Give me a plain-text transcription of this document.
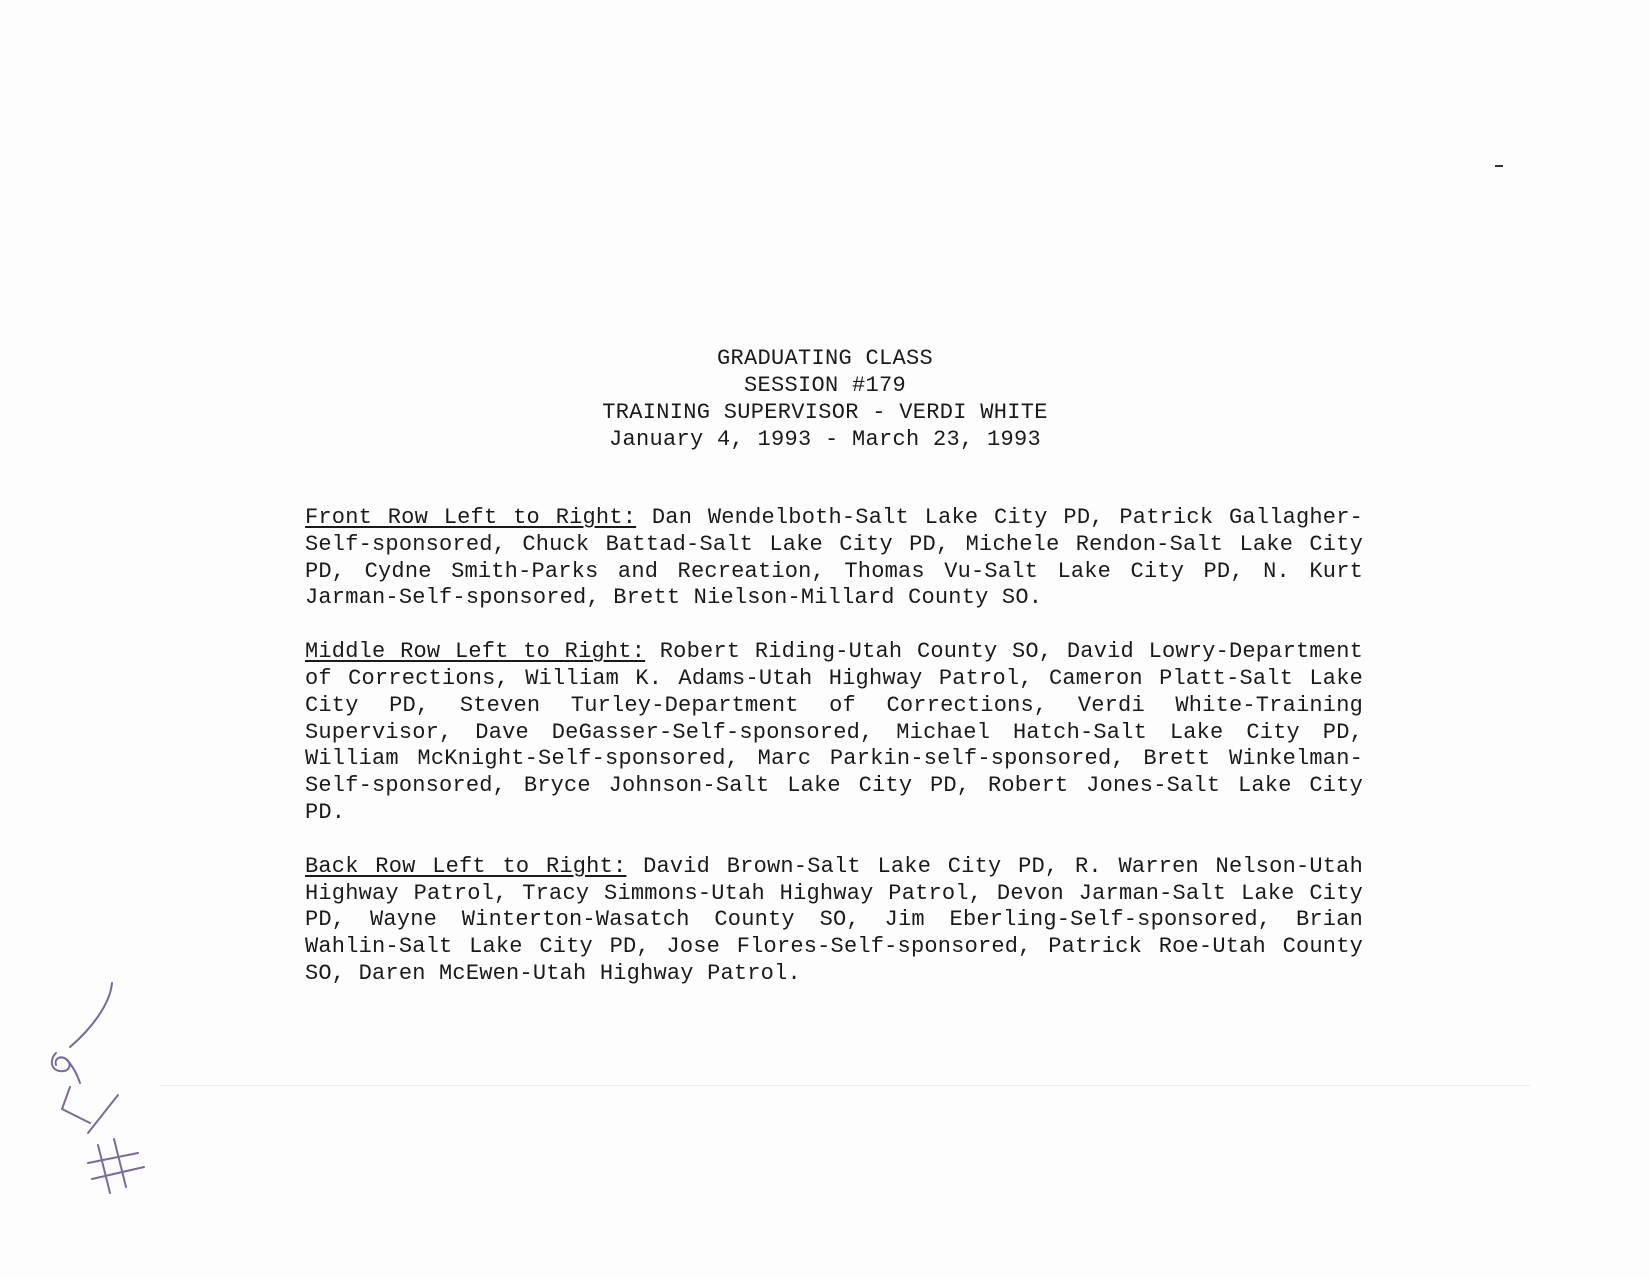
GRADUATING CLASS
SESSION #179
TRAINING SUPERVISOR - VERDI WHITE
January 4, 1993 - March 23, 1993

Front Row Left to Right: Dan Wendelboth-Salt Lake City PD, Patrick Gallagher-Self-sponsored, Chuck Battad-Salt Lake City PD, Michele Rendon-Salt Lake City PD, Cydne Smith-Parks and Recreation, Thomas Vu-Salt Lake City PD, N. Kurt Jarman-Self-sponsored, Brett Nielson-Millard County SO.

Middle Row Left to Right: Robert Riding-Utah County SO, David Lowry-Department of Corrections, William K. Adams-Utah Highway Patrol, Cameron Platt-Salt Lake City PD, Steven Turley-Department of Corrections, Verdi White-Training Supervisor, Dave DeGasser-Self-sponsored, Michael Hatch-Salt Lake City PD, William McKnight-Self-sponsored, Marc Parkin-self-sponsored, Brett Winkelman-Self-sponsored, Bryce Johnson-Salt Lake City PD, Robert Jones-Salt Lake City PD.

Back Row Left to Right: David Brown-Salt Lake City PD, R. Warren Nelson-Utah Highway Patrol, Tracy Simmons-Utah Highway Patrol, Devon Jarman-Salt Lake City PD, Wayne Winterton-Wasatch County SO, Jim Eberling-Self-sponsored, Brian Wahlin-Salt Lake City PD, Jose Flores-Self-sponsored, Patrick Roe-Utah County SO, Daren McEwen-Utah Highway Patrol.
